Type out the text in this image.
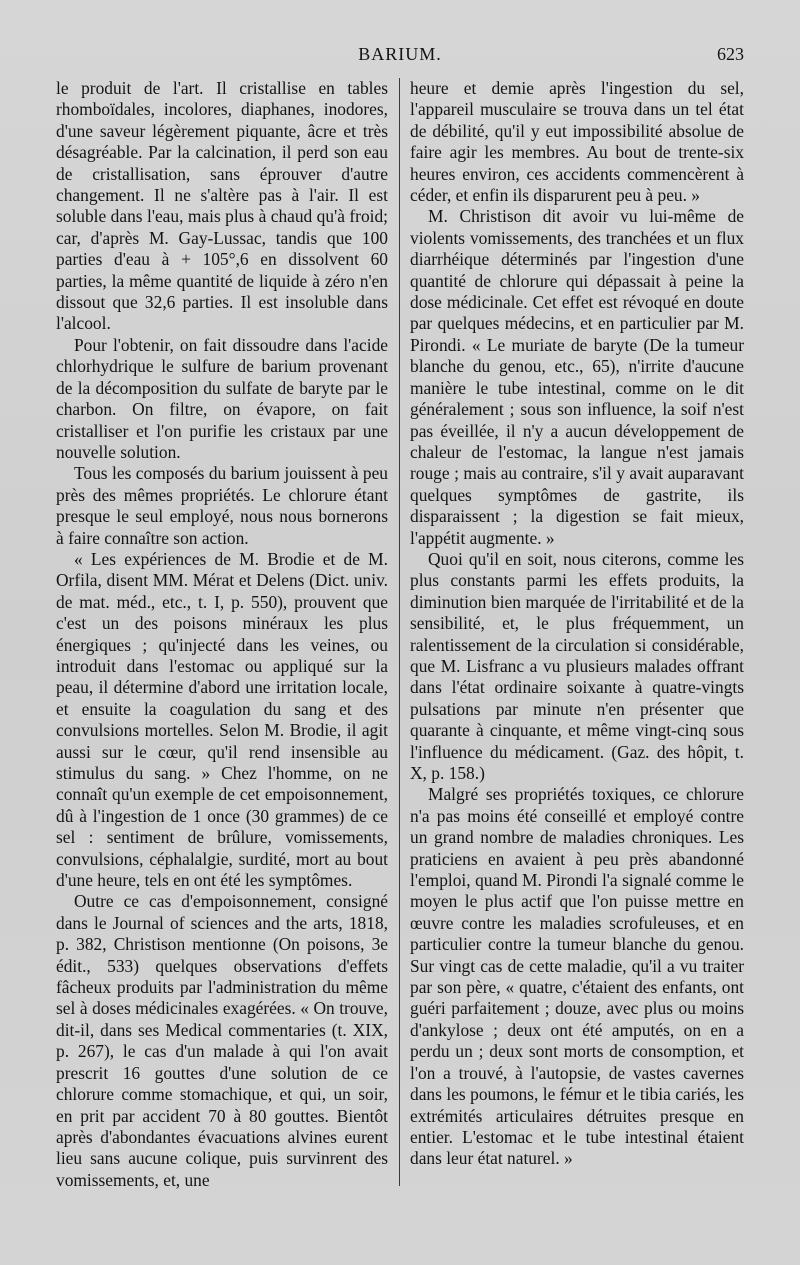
BARIUM.	623

le produit de l'art. Il cristallise en tables rhomboïdales, incolores, diaphanes, inodores, d'une saveur légèrement piquante, âcre et très désagréable. Par la calcination, il perd son eau de cristallisation, sans éprouver d'autre changement. Il ne s'altère pas à l'air. Il est soluble dans l'eau, mais plus à chaud qu'à froid; car, d'après M. Gay-Lussac, tandis que 100 parties d'eau à + 105°,6 en dissolvent 60 parties, la même quantité de liquide à zéro n'en dissout que 32,6 parties. Il est insoluble dans l'alcool.

Pour l'obtenir, on fait dissoudre dans l'acide chlorhydrique le sulfure de barium provenant de la décomposition du sulfate de baryte par le charbon. On filtre, on évapore, on fait cristalliser et l'on purifie les cristaux par une nouvelle solution.

Tous les composés du barium jouissent à peu près des mêmes propriétés. Le chlorure étant presque le seul employé, nous nous bornerons à faire connaître son action.

« Les expériences de M. Brodie et de M. Orfila, disent MM. Mérat et Delens (Dict. univ. de mat. méd., etc., t. I, p. 550), prouvent que c'est un des poisons minéraux les plus énergiques ; qu'injecté dans les veines, ou introduit dans l'estomac ou appliqué sur la peau, il détermine d'abord une irritation locale, et ensuite la coagulation du sang et des convulsions mortelles. Selon M. Brodie, il agit aussi sur le cœur, qu'il rend insensible au stimulus du sang. » Chez l'homme, on ne connaît qu'un exemple de cet empoisonnement, dû à l'ingestion de 1 once (30 grammes) de ce sel : sentiment de brûlure, vomissements, convulsions, céphalalgie, surdité, mort au bout d'une heure, tels en ont été les symptômes.

Outre ce cas d'empoisonnement, consigné dans le Journal of sciences and the arts, 1818, p. 382, Christison mentionne (On poisons, 3e édit., 533) quelques observations d'effets fâcheux produits par l'administration du même sel à doses médicinales exagérées. « On trouve, dit-il, dans ses Medical commentaries (t. XIX, p. 267), le cas d'un malade à qui l'on avait prescrit 16 gouttes d'une solution de ce chlorure comme stomachique, et qui, un soir, en prit par accident 70 à 80 gouttes. Bientôt après d'abondantes évacuations alvines eurent lieu sans aucune colique, puis survinrent des vomissements, et, une

heure et demie après l'ingestion du sel, l'appareil musculaire se trouva dans un tel état de débilité, qu'il y eut impossibilité absolue de faire agir les membres. Au bout de trente-six heures environ, ces accidents commencèrent à céder, et enfin ils disparurent peu à peu. »

M. Christison dit avoir vu lui-même de violents vomissements, des tranchées et un flux diarrhéique déterminés par l'ingestion d'une quantité de chlorure qui dépassait à peine la dose médicinale. Cet effet est révoqué en doute par quelques médecins, et en particulier par M. Pirondi. « Le muriate de baryte (De la tumeur blanche du genou, etc., 65), n'irrite d'aucune manière le tube intestinal, comme on le dit généralement ; sous son influence, la soif n'est pas éveillée, il n'y a aucun développement de chaleur de l'estomac, la langue n'est jamais rouge ; mais au contraire, s'il y avait auparavant quelques symptômes de gastrite, ils disparaissent ; la digestion se fait mieux, l'appétit augmente. »

Quoi qu'il en soit, nous citerons, comme les plus constants parmi les effets produits, la diminution bien marquée de l'irritabilité et de la sensibilité, et, le plus fréquemment, un ralentissement de la circulation si considérable, que M. Lisfranc a vu plusieurs malades offrant dans l'état ordinaire soixante à quatre-vingts pulsations par minute n'en présenter que quarante à cinquante, et même vingt-cinq sous l'influence du médicament. (Gaz. des hôpit, t. X, p. 158.)

Malgré ses propriétés toxiques, ce chlorure n'a pas moins été conseillé et employé contre un grand nombre de maladies chroniques. Les praticiens en avaient à peu près abandonné l'emploi, quand M. Pirondi l'a signalé comme le moyen le plus actif que l'on puisse mettre en œuvre contre les maladies scrofuleuses, et en particulier contre la tumeur blanche du genou. Sur vingt cas de cette maladie, qu'il a vu traiter par son père, « quatre, c'étaient des enfants, ont guéri parfaitement ; douze, avec plus ou moins d'ankylose ; deux ont été amputés, on en a perdu un ; deux sont morts de consomption, et l'on a trouvé, à l'autopsie, de vastes cavernes dans les poumons, le fémur et le tibia cariés, les extrémités articulaires détruites presque en entier. L'estomac et le tube intestinal étaient dans leur état naturel. »
